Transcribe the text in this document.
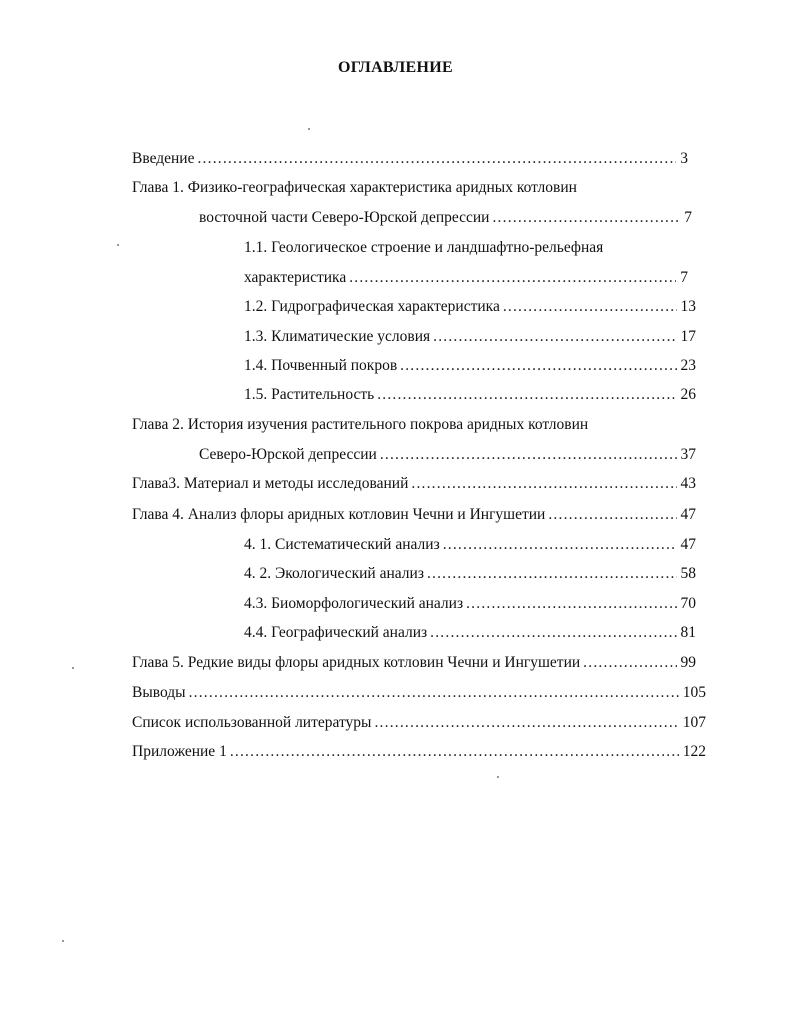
ОГЛАВЛЕНИЕ
Введение .....	3
Глава 1. Физико-географическая характеристика аридных котловин
восточной части Северо-Юрской депрессии .....	7
1.1. Геологическое строение и ландшафтно-рельефная
характеристика .....	7
1.2. Гидрографическая характеристика .....	13
1.3. Климатические условия .....	17
1.4. Почвенный покров .....	23
1.5. Растительность .....	26
Глава 2. История изучения растительного покрова аридных котловин
Северо-Юрской депрессии .....	37
Глава3. Материал и методы исследований .....	43
Глава 4. Анализ флоры аридных котловин Чечни и Ингушетии .....	47
4. 1. Систематический анализ .....	47
4. 2. Экологический анализ .....	58
4.3. Биоморфологический анализ .....	70
4.4. Географический анализ .....	81
Глава 5. Редкие виды флоры аридных котловин Чечни и Ингушетии .....	99
Выводы .....	105
Список использованной литературы .....	107
Приложение 1 .....	122
